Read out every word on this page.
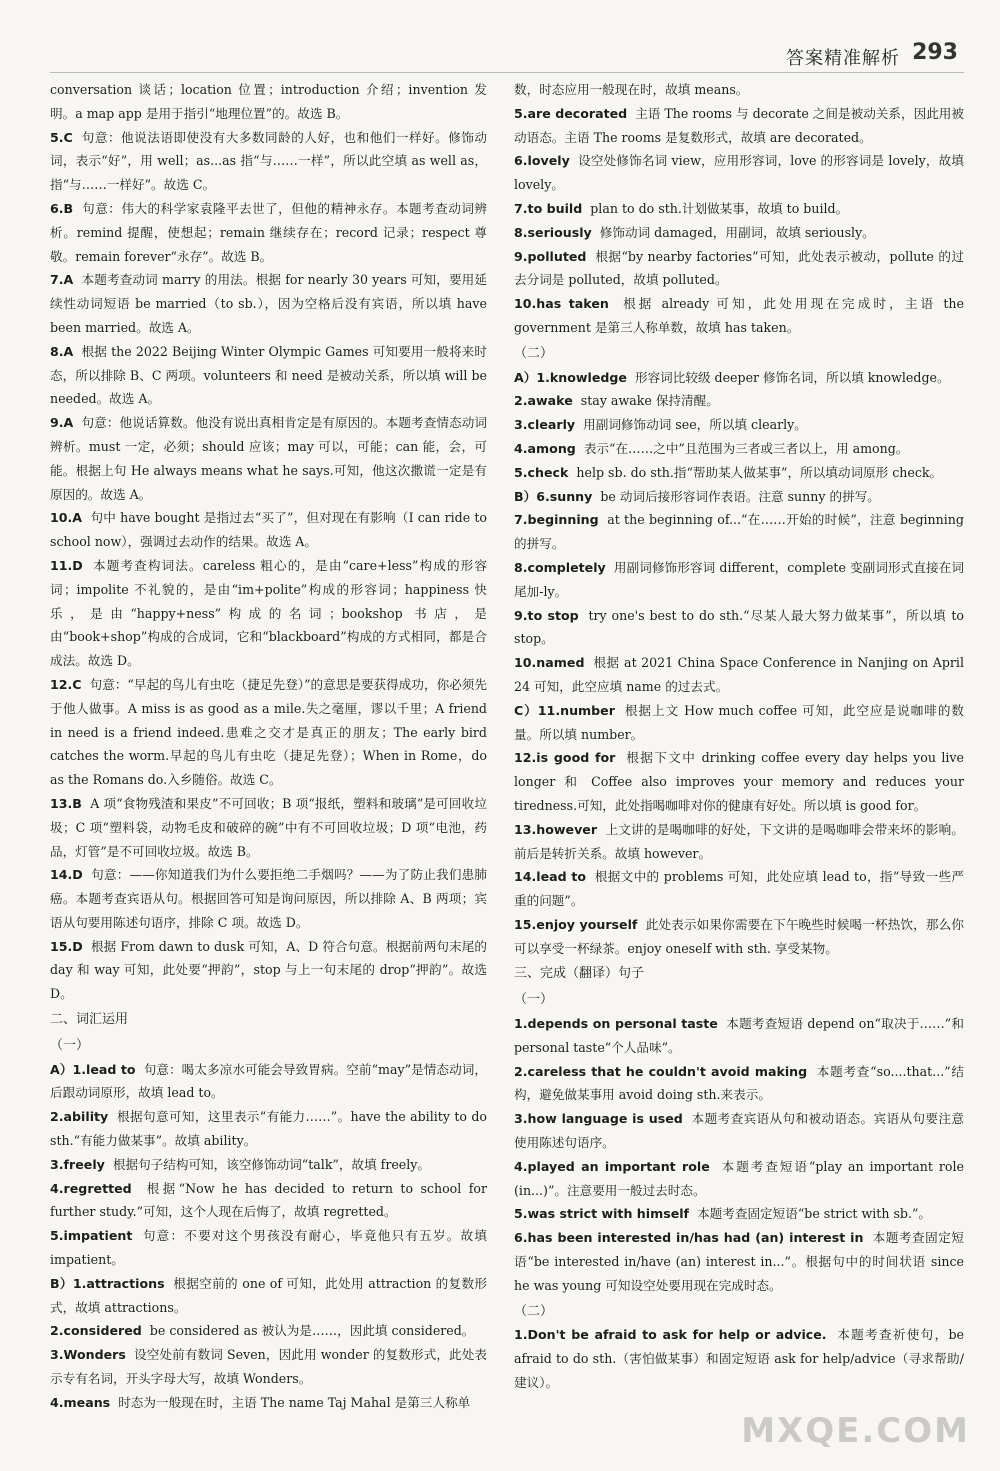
答案精准解析 293
conversation 谈话；location 位置；introduction 介绍；invention 发明。a map app 是用于指引“地理位置”的。故选 B。
5.C 句意：他说法语即使没有大多数同龄的人好，也和他们一样好。修饰动词，表示“好”，用 well；as...as 指“与……一样”，所以此空填 as well as，指“与……一样好”。故选 C。
6.B 句意：伟大的科学家袁隆平去世了，但他的精神永存。本题考查动词辨析。remind 提醒，使想起；remain 继续存在；record 记录；respect 尊敬。remain forever“永存”。故选 B。
7.A 本题考查动词 marry 的用法。根据 for nearly 30 years 可知，要用延续性动词短语 be married（to sb.），因为空格后没有宾语，所以填 have been married。故选 A。
8.A 根据 the 2022 Beijing Winter Olympic Games 可知要用一般将来时态，所以排除 B、C 两项。volunteers 和 need 是被动关系，所以填 will be needed。故选 A。
9.A 句意：他说话算数。他没有说出真相肯定是有原因的。本题考查情态动词辨析。must 一定，必须；should 应该；may 可以，可能；can 能，会，可能。根据上句 He always means what he says.可知，他这次撒谎一定是有原因的。故选 A。
10.A 句中 have bought 是指过去“买了”，但对现在有影响（I can ride to school now），强调过去动作的结果。故选 A。
11.D 本题考查构词法。careless 粗心的，是由“care+less”构成的形容词；impolite 不礼貌的，是由“im+polite”构成的形容词；happiness 快乐，是由“happy+ness”构成的名词；bookshop 书店，是由“book+shop”构成的合成词，它和“blackboard”构成的方式相同，都是合成法。故选 D。
12.C 句意：“早起的鸟儿有虫吃（捷足先登）”的意思是要获得成功，你必须先于他人做事。A miss is as good as a mile.失之毫厘，谬以千里；A friend in need is a friend indeed.患难之交才是真正的朋友；The early bird catches the worm.早起的鸟儿有虫吃（捷足先登）；When in Rome，do as the Romans do.入乡随俗。故选 C。
13.B A 项“食物残渣和果皮”不可回收；B 项“报纸，塑料和玻璃”是可回收垃圾；C 项“塑料袋，动物毛皮和破碎的碗”中有不可回收垃圾；D 项“电池，药品，灯管”是不可回收垃圾。故选 B。
14.D 句意：——你知道我们为什么要拒绝二手烟吗？——为了防止我们患肺癌。本题考查宾语从句。根据回答可知是询问原因，所以排除 A、B 两项；宾语从句要用陈述句语序，排除 C 项。故选 D。
15.D 根据 From dawn to dusk 可知，A、D 符合句意。根据前两句末尾的 day 和 way 可知，此处要“押韵”，stop 与上一句末尾的 drop“押韵”。故选 D。
二、词汇运用
（一）
A）1.lead to 句意：喝太多凉水可能会导致胃病。空前“may”是情态动词，后跟动词原形，故填 lead to。
2.ability 根据句意可知，这里表示“有能力……”。have the ability to do sth.“有能力做某事”。故填 ability。
3.freely 根据句子结构可知，该空修饰动词“talk”，故填 freely。
4.regretted 根据“Now he has decided to return to school for further study.”可知，这个人现在后悔了，故填 regretted。
5.impatient 句意：不要对这个男孩没有耐心，毕竟他只有五岁。故填 impatient。
B）1.attractions 根据空前的 one of 可知，此处用 attraction 的复数形式，故填 attractions。
2.considered be considered as 被认为是……，因此填 considered。
3.Wonders 设空处前有数词 Seven，因此用 wonder 的复数形式，此处表示专有名词，开头字母大写，故填 Wonders。
4.means 时态为一般现在时，主语 The name Taj Mahal 是第三人称单
数，时态应用一般现在时，故填 means。
5.are decorated 主语 The rooms 与 decorate 之间是被动关系，因此用被动语态。主语 The rooms 是复数形式，故填 are decorated。
6.lovely 设空处修饰名词 view，应用形容词，love 的形容词是 lovely，故填 lovely。
7.to build plan to do sth.计划做某事，故填 to build。
8.seriously 修饰动词 damaged，用副词，故填 seriously。
9.polluted 根据“by nearby factories”可知，此处表示被动，pollute 的过去分词是 polluted，故填 polluted。
10.has taken 根据 already 可知，此处用现在完成时，主语 the government 是第三人称单数，故填 has taken。
（二）
A）1.knowledge 形容词比较级 deeper 修饰名词，所以填 knowledge。
2.awake stay awake 保持清醒。
3.clearly 用副词修饰动词 see，所以填 clearly。
4.among 表示“在……之中”且范围为三者或三者以上，用 among。
5.check help sb. do sth.指“帮助某人做某事”，所以填动词原形 check。
B）6.sunny be 动词后接形容词作表语。注意 sunny 的拼写。
7.beginning at the beginning of...“在……开始的时候”，注意 beginning 的拼写。
8.completely 用副词修饰形容词 different，complete 变副词形式直接在词尾加-ly。
9.to stop try one's best to do sth.“尽某人最大努力做某事”，所以填 to stop。
10.named 根据 at 2021 China Space Conference in Nanjing on April 24 可知，此空应填 name 的过去式。
C）11.number 根据上文 How much coffee 可知，此空应是说咖啡的数量。所以填 number。
12.is good for 根据下文中 drinking coffee every day helps you live longer 和 Coffee also improves your memory and reduces your tiredness.可知，此处指喝咖啡对你的健康有好处。所以填 is good for。
13.however 上文讲的是喝咖啡的好处，下文讲的是喝咖啡会带来坏的影响。前后是转折关系。故填 however。
14.lead to 根据文中的 problems 可知，此处应填 lead to，指“导致一些严重的问题”。
15.enjoy yourself 此处表示如果你需要在下午晚些时候喝一杯热饮，那么你可以享受一杯绿茶。enjoy oneself with sth. 享受某物。
三、完成（翻译）句子
（一）
1.depends on personal taste 本题考查短语 depend on“取决于……”和 personal taste“个人品味”。
2.careless that he couldn't avoid making 本题考查“so....that...”结构，避免做某事用 avoid doing sth.来表示。
3.how language is used 本题考查宾语从句和被动语态。宾语从句要注意使用陈述句语序。
4.played an important role 本题考查短语“play an important role (in...)”。注意要用一般过去时态。
5.was strict with himself 本题考查固定短语“be strict with sb.”。
6.has been interested in/has had (an) interest in 本题考查固定短语“be interested in/have (an) interest in...”。根据句中的时间状语 since he was young 可知设空处要用现在完成时态。
（二）
1.Don't be afraid to ask for help or advice. 本题考查祈使句，be afraid to do sth.（害怕做某事）和固定短语 ask for help/advice（寻求帮助/建议）。
MXQE.COM
